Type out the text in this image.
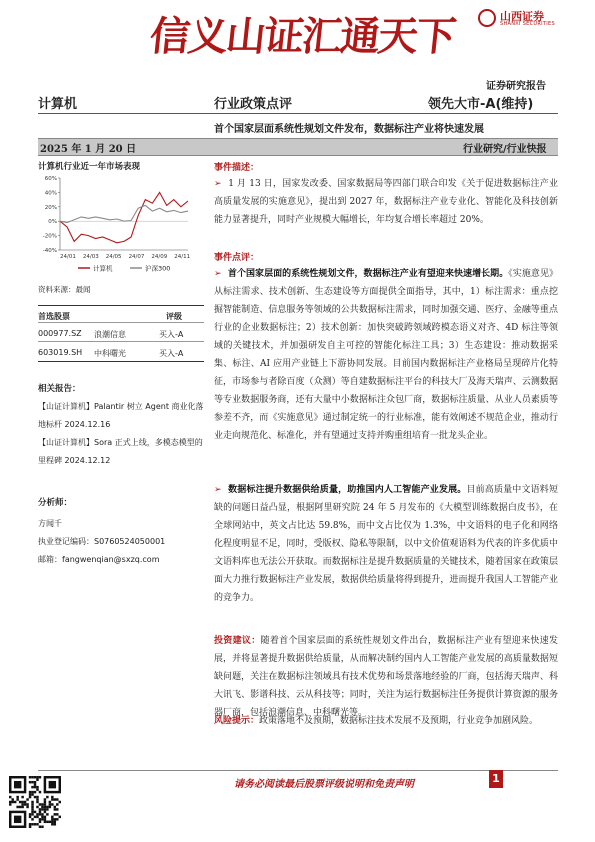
信义山证汇通天下	山西证券
SHANXI SECURITIES
证券研究报告
计算机	行业政策点评	领先大市-A(维持)
首个国家层面系统性规划文件发布，数据标注产业将快速发展
2025 年 1 月 20 日	行业研究/行业快报
计算机行业近一年市场表现
60%
40%
20%
0%
-20%
-40%
24/01 24/03 24/05 24/07 24/09 24/11
计算机	沪深300
资料来源：最闻
首选股票	评级
000977.SZ 浪潮信息	买入-A
603019.SH 中科曙光	买入-A
相关报告：
【山证计算机】Palantir 树立 Agent 商业化落地标杆 2024.12.16
【山证计算机】Sora 正式上线，多模态模型的里程碑 2024.12.12
分析师：
方闻千
执业登记编码：S0760524050001
邮箱：fangwenqian@sxzq.com
事件描述：
➢  1 月 13 日，国家发改委、国家数据局等四部门联合印发《关于促进数据标注产业高质量发展的实施意见》，提出到 2027 年，数据标注产业专业化、智能化及科技创新能力显著提升，同时产业规模大幅增长，年均复合增长率超过 20%。
事件点评：
➢  首个国家层面的系统性规划文件，数据标注产业有望迎来快速增长期。《实施意见》从标注需求、技术创新、生态建设等方面提供全面指导，其中，1）标注需求：重点挖掘智能制造、信息服务等领域的公共数据标注需求，同时加强交通、医疗、金融等重点行业的企业数据标注；2）技术创新：加快突破跨领域跨模态语义对齐、4D 标注等领域的关键技术，并加强研发自主可控的智能化标注工具；3）生态建设：推动数据采集、标注、AI 应用产业链上下游协同发展。目前国内数据标注产业格局呈现碎片化特征，市场参与者除百度（众测）等自建数据标注平台的科技大厂及海天瑞声、云测数据等专业数据服务商，还有大量中小数据标注众包厂商，数据标注质量、从业人员素质等参差不齐，而《实施意见》通过制定统一的行业标准，能有效阐述不规范企业，推动行业走向规范化、标准化，并有望通过支持并购重组培育一批龙头企业。
➢  数据标注提升数据供给质量，助推国内人工智能产业发展。目前高质量中文语料短缺的问题日益凸显，根据阿里研究院 24 年 5 月发布的《大模型训练数据白皮书》，在全球网站中，英文占比达 59.8%，而中文占比仅为 1.3%，中文语料的电子化和网络化程度明显不足，同时，受版权、隐私等限制，以中文价值观语料为代表的许多优质中文语料库也无法公开获取。而数据标注是提升数据质量的关键技术，随着国家在政策层面大力推行数据标注产业发展，数据供给质量将得到提升，进而提升我国人工智能产业的竞争力。
投资建议：随着首个国家层面的系统性规划文件出台，数据标注产业有望迎来快速发展，并将显著提升数据供给质量，从而解决制约国内人工智能产业发展的高质量数据短缺问题，关注在数据标注领域具有技术优势和场景落地经验的厂商，包括海天瑞声、科大讯飞、影谱科技、云从科技等；同时，关注为运行数据标注任务提供计算资源的服务器厂商，包括浪潮信息、中科曙光等。
风险提示：政策落地不及预期，数据标注技术发展不及预期，行业竞争加剧风险。
请务必阅读最后股票评级说明和免责声明	1
